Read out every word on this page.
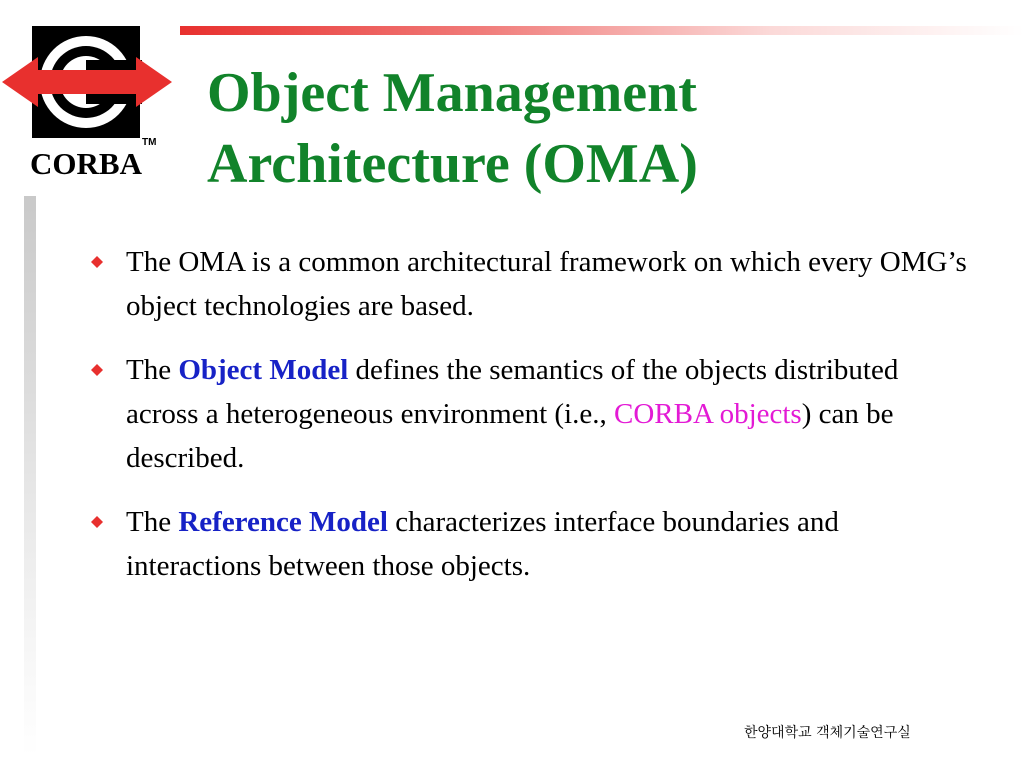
CORBA
TM
Object Management
Architecture (OMA)
The OMA is a common architectural framework on which every OMG’s object technologies are based.
The Object Model defines the semantics of the objects distributed across a heterogeneous environment (i.e., CORBA objects) can be described.
The Reference Model characterizes interface boundaries and interactions between those objects.
한양대학교 객체기술연구실
